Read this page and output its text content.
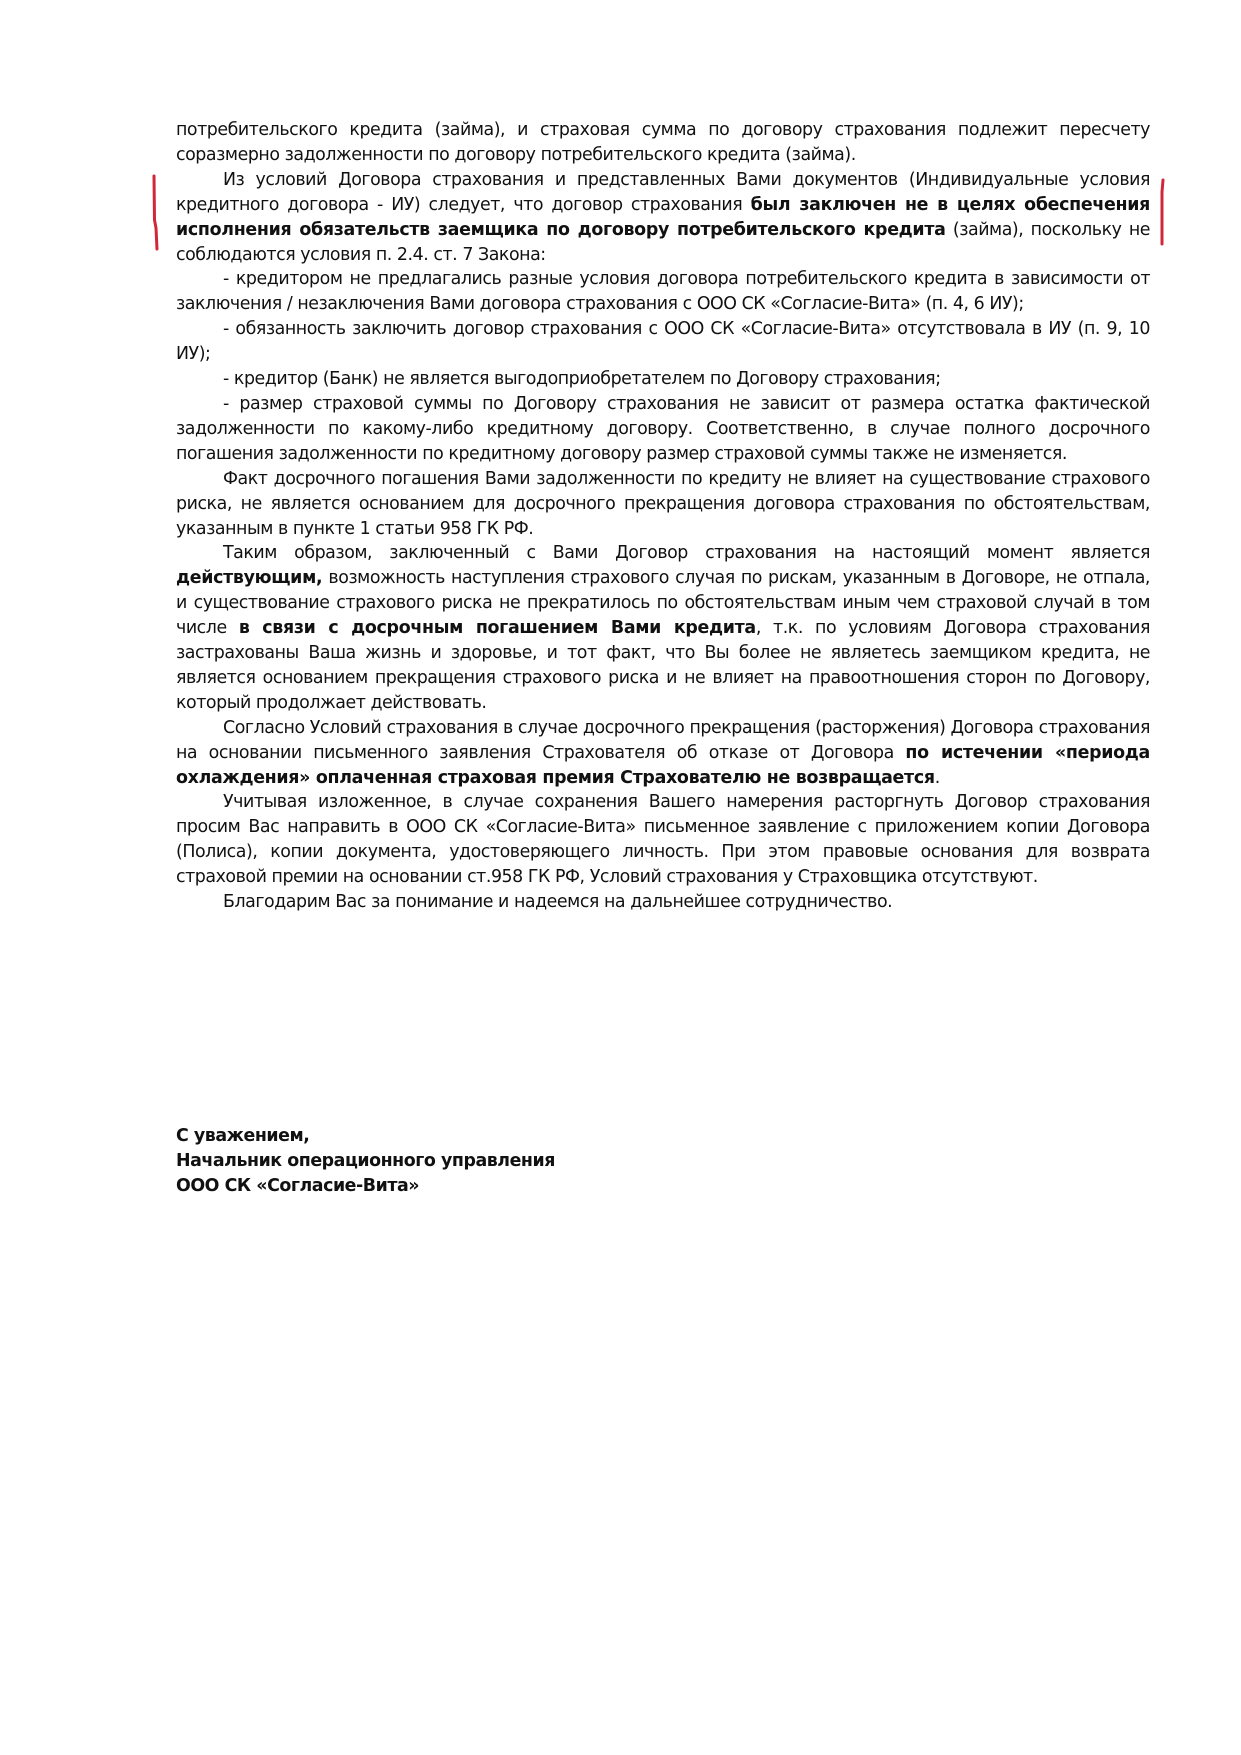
потребительского кредита (займа), и страховая сумма по договору страхования подлежит пересчету соразмерно задолженности по договору потребительского кредита (займа).

Из условий Договора страхования и представленных Вами документов (Индивидуальные условия кредитного договора - ИУ) следует, что договор страхования был заключен не в целях обеспечения исполнения обязательств заемщика по договору потребительского кредита (займа), поскольку не соблюдаются условия п. 2.4. ст. 7 Закона:

- кредитором не предлагались разные условия договора потребительского кредита в зависимости от заключения / незаключения Вами договора страхования с ООО СК «Согласие-Вита» (п. 4, 6 ИУ);

- обязанность заключить договор страхования с ООО СК «Согласие-Вита» отсутствовала в ИУ (п. 9, 10 ИУ);

- кредитор (Банк) не является выгодоприобретателем по Договору страхования;

- размер страховой суммы по Договору страхования не зависит от размера остатка фактической задолженности по какому-либо кредитному договору. Соответственно, в случае полного досрочного погашения задолженности по кредитному договору размер страховой суммы также не изменяется.

Факт досрочного погашения Вами задолженности по кредиту не влияет на существование страхового риска, не является основанием для досрочного прекращения договора страхования по обстоятельствам, указанным в пункте 1 статьи 958 ГК РФ.

Таким образом, заключенный с Вами Договор страхования на настоящий момент является действующим, возможность наступления страхового случая по рискам, указанным в Договоре, не отпала, и существование страхового риска не прекратилось по обстоятельствам иным чем страховой случай в том числе в связи с досрочным погашением Вами кредита, т.к. по условиям Договора страхования застрахованы Ваша жизнь и здоровье, и тот факт, что Вы более не являетесь заемщиком кредита, не является основанием прекращения страхового риска и не влияет на правоотношения сторон по Договору, который продолжает действовать.

Согласно Условий страхования в случае досрочного прекращения (расторжения) Договора страхования на основании письменного заявления Страхователя об отказе от Договора по истечении «периода охлаждения» оплаченная страховая премия Страхователю не возвращается.

Учитывая изложенное, в случае сохранения Вашего намерения расторгнуть Договор страхования просим Вас направить в ООО СК «Согласие-Вита» письменное заявление с приложением копии Договора (Полиса), копии документа, удостоверяющего личность. При этом правовые основания для возврата страховой премии на основании ст.958 ГК РФ, Условий страхования у Страховщика отсутствуют.

Благодарим Вас за понимание и надеемся на дальнейшее сотрудничество.

С уважением,
Начальник операционного управления
ООО СК «Согласие-Вита»
